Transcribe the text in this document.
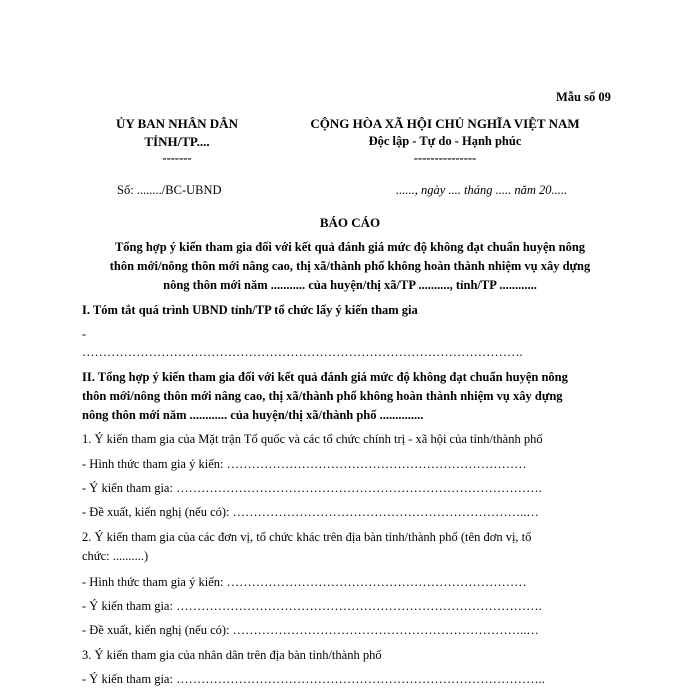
Mẫu số 09
ỦY BAN NHÂN DÂN
TỈNH/TP....
-------
CỘNG HÒA XÃ HỘI CHỦ NGHĨA VIỆT NAM
Độc lập - Tự do - Hạnh phúc
---------------
Số: ......../BC-UBND	......, ngày .... tháng ..... năm 20.....
BÁO CÁO
Tổng hợp ý kiến tham gia đối với kết quả đánh giá mức độ không đạt chuẩn huyện nông
thôn mới/nông thôn mới nâng cao, thị xã/thành phố không hoàn thành nhiệm vụ xây dựng
nông thôn mới năm ........... của huyện/thị xã/TP .........., tỉnh/TP ............
I. Tóm tắt quá trình UBND tỉnh/TP tổ chức lấy ý kiến tham gia
-
…………………………………………………………………………………………….
II. Tổng hợp ý kiến tham gia đối với kết quả đánh giá mức độ không đạt chuẩn huyện nông
thôn mới/nông thôn mới nâng cao, thị xã/thành phố không hoàn thành nhiệm vụ xây dựng
nông thôn mới năm ............ của huyện/thị xã/thành phố ..............
1. Ý kiến tham gia của Mặt trận Tổ quốc và các tổ chức chính trị - xã hội của tỉnh/thành phố
- Hình thức tham gia ý kiến: ………………………………………………………………
- Ý kiến tham gia: …………………………………………………………………………….
- Đề xuất, kiến nghị (nếu có): ……………………………………………………………..…
2. Ý kiến tham gia của các đơn vị, tổ chức khác trên địa bàn tỉnh/thành phố (tên đơn vị, tổ
chức: ..........)
- Hình thức tham gia ý kiến: ………………………………………………………………
- Ý kiến tham gia: …………………………………………………………………………….
- Đề xuất, kiến nghị (nếu có): ……………………………………………………………..…
3. Ý kiến tham gia của nhân dân trên địa bàn tỉnh/thành phố
- Ý kiến tham gia: ……………………………………………………………………………..
